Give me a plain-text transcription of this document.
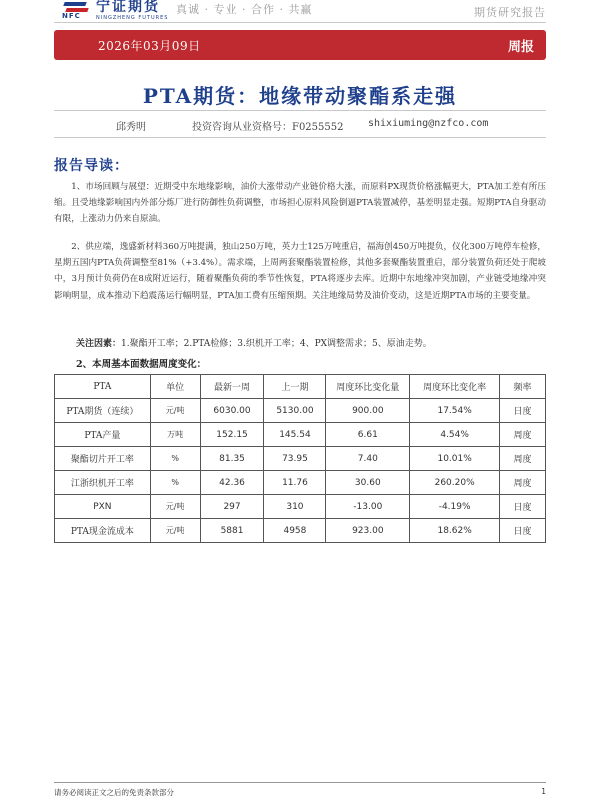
NFC
宁证期货
NINGZHENG FUTURES
真诚 · 专业 · 合作 · 共赢	期货研究报告
2026年03月09日	周报
PTA期货：地缘带动聚酯系走强
邱秀明	投资咨询从业资格号：F0255552 shixiuming@nzfco.com
报告导读：

1、市场回顾与展望：近期受中东地缘影响，油价大涨带动产业链价格大涨，而原料PX现货价格涨幅更大，PTA加工差有所压缩。且受地缘影响国内外部分炼厂进行防御性负荷调整，市场担心原料风险倒逼PTA装置减停，基差明显走强。短期PTA自身驱动有限，上涨动力仍来自原油。

2、供应端，逸盛新材料360万吨提满，独山250万吨，英力士125万吨重启，福海创450万吨提负，仪化300万吨停车检修，星期五国内PTA负荷调整至81%（+3.4%）。需求端，上周两套聚酯装置检修，其他多套聚酯装置重启，部分装置负荷还处于爬坡中，3月预计负荷仍在8成附近运行，随着聚酯负荷的季节性恢复，PTA将逐步去库。近期中东地缘冲突加剧，产业链受地缘冲突影响明显，成本推动下趋震荡运行幅明显，PTA加工费有压缩预期。关注地缘局势及油价变动，这是近期PTA市场的主要变量。

关注因素：1.聚酯开工率；2.PTA检修；3.织机开工率；4、PX调整需求；5、原油走势。
2、本周基本面数据周度变化：
PTA	单位	最新一周	上一期	周度环比变化量	周度环比变化率	频率
PTA期货（连续）	元/吨	6030.00	5130.00	900.00	17.54%	日度
PTA产量	万吨	152.15	145.54	6.61	4.54%	周度
聚酯切片开工率	%	81.35	73.95	7.40	10.01%	周度
江浙织机开工率	%	42.36	11.76	30.60	260.20%	周度
PXN	元/吨	297	310	-13.00	-4.19%	日度
PTA现金流成本	元/吨	5881	4958	923.00	18.62%	日度
请务必阅读正文之后的免责条款部分	1
